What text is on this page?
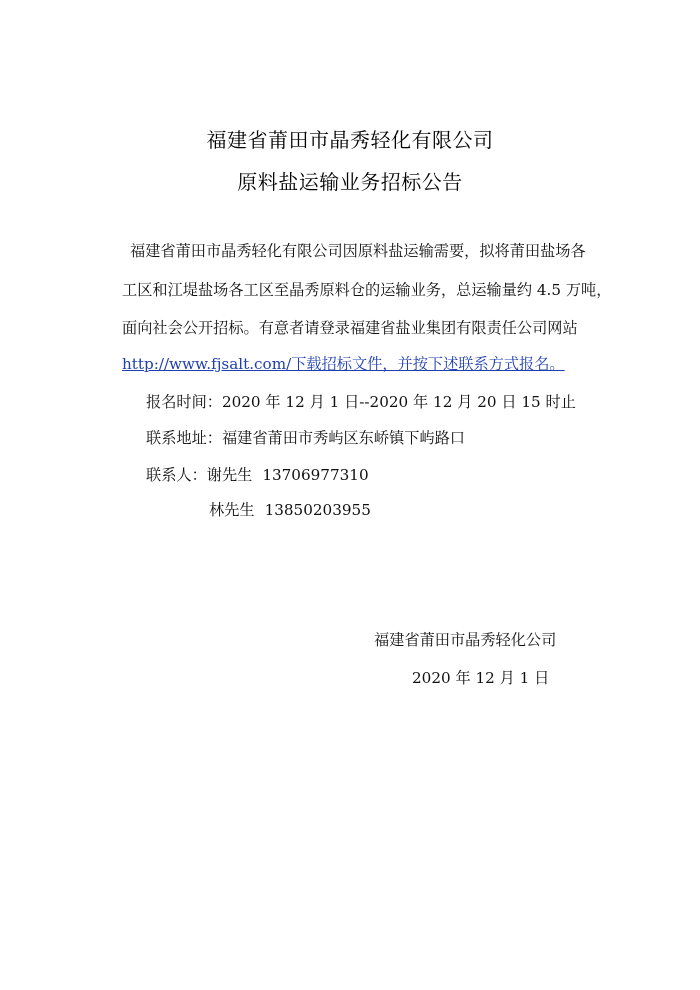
福建省莆田市晶秀轻化有限公司
原料盐运输业务招标公告
福建省莆田市晶秀轻化有限公司因原料盐运输需要，拟将莆田盐场各
工区和江堤盐场各工区至晶秀原料仓的运输业务，总运输量约 4.5 万吨，
面向社会公开招标。有意者请登录福建省盐业集团有限责任公司网站
http://www.fjsalt.com/下载招标文件，并按下述联系方式报名。
报名时间：2020 年 12 月 1 日--2020 年 12 月 20 日 15 时止
联系地址：福建省莆田市秀屿区东峤镇下屿路口
联系人：谢先生 13706977310
林先生 13850203955
福建省莆田市晶秀轻化公司
2020 年 12 月 1 日
